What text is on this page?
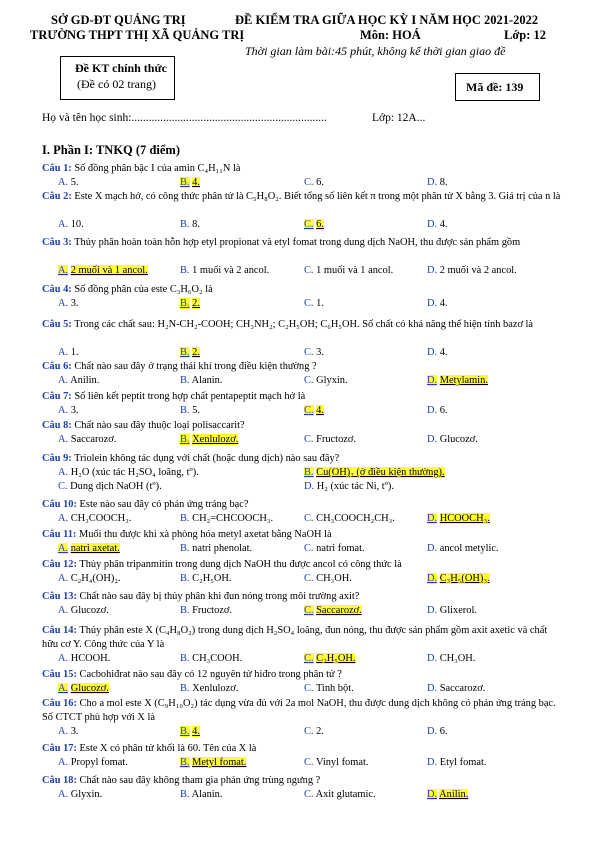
SỞ GD-ĐT QUẢNG TRỊ	ĐỀ KIỂM TRA GIỮA HỌC KỲ I NĂM HỌC 2021-2022
TRƯỜNG THPT THỊ XÃ QUẢNG TRỊ	Môn: HOÁ	Lớp: 12
Thời gian làm bài:45 phút, không kể thời gian giao đề
Đề KT chính thức
(Đề có 02 trang)	Mã đề: 139
Họ và tên học sinh:....................................................................	Lớp: 12A...
I. Phần I: TNKQ (7 điểm)
Câu 1: Số đồng phân bậc I của amin C₄H₁₁N là
A. 5.	B. 4.	C. 6.	D. 8.
Câu 2: Este X mạch hở, có công thức phân tử là C₅H₈O₂. Biết tổng số liên kết π trong một phân tử X bằng 3. Giá trị của n là
A. 10.	B. 8.	C. 6.	D. 4.
Câu 3: Thủy phân hoàn toàn hỗn hợp etyl propionat và etyl fomat trong dung dịch NaOH, thu được sản phẩm gồm
A. 2 muối và 1 ancol.	B. 1 muối và 2 ancol.	C. 1 muối và 1 ancol.	D. 2 muối và 2 ancol.
Câu 4: Số đồng phân của este C₃H₆O₂ là
A. 3.	B. 2.	C. 1.	D. 4.
Câu 5: Trong các chất sau: H₂N-CH₂-COOH; CH₃NH₂; C₂H₅OH; C₆H₅OH. Số chất có khả năng thể hiện tính bazơ là
A. 1.	B. 2.	C. 3.	D. 4.
Câu 6: Chất nào sau đây ở trạng thái khí trong điều kiện thường ?
A. Anilin.	B. Alanin.	C. Glyxin.	D. Metylamin.
Câu 7: Số liên kết peptit trong hợp chất pentapeptit mạch hở là
A. 3.	B. 5.	C. 4.	D. 6.
Câu 8: Chất nào sau đây thuộc loại polisaccarit?
A. Saccarozơ.	B. Xenlulozơ.	C. Fructozơ.	D. Glucozơ.
Câu 9: Triolein không tác dụng với chất (hoặc dung dịch) nào sau đây?
A. H₂O (xúc tác H₂SO₄ loãng, tº).	B. Cu(OH)₂ (ở điều kiện thường).
C. Dung dịch NaOH (tº).	D. H₂ (xúc tác Ni, tº).
Câu 10: Este nào sau đây có phản ứng tráng bạc?
A. CH₃COOCH₃.	B. CH₂=CHCOOCH₃.	C. CH₃COOCH₂CH₃.	D. HCOOCH₃.
Câu 11: Muối thu được khi xà phòng hóa metyl axetat bằng NaOH là
A. natri axetat.	B. natri phenolat.	C. natri fomat.	D. ancol metylic.
Câu 12: Thủy phân tripanmitin trong dung dịch NaOH thu được ancol có công thức là
A. C₂H₄(OH)₂.	B. C₂H₅OH.	C. CH₃OH.	D. C₃H₅(OH)₃.
Câu 13: Chất nào sau đây bị thủy phân khi đun nóng trong môi trường axit?
A. Glucozơ.	B. Fructozơ.	C. Saccarozơ.	D. Glixerol.
Câu 14: Thủy phân este X (C₄H₈O₂) trong dung dịch H₂SO₄ loãng, đun nóng, thu được sản phẩm gồm axit axetic và chất hữu cơ Y. Công thức của Y là
A. HCOOH.	B. CH₃COOH.	C. C₂H₅OH.	D. CH₃OH.
Câu 15: Cacbohiđrat nào sau đây có 12 nguyên tử hiđro trong phân tử ?
A. Glucozơ.	B. Xenlulozơ.	C. Tinh bột.	D. Saccarozơ.
Câu 16: Cho a mol este X (C₉H₁₀O₂) tác dụng vừa đủ với 2a mol NaOH, thu được dung dịch không có phản ứng tráng bạc. Số CTCT phù hợp với X là
A. 3.	B. 4.	C. 2.	D. 6.
Câu 17: Este X có phân tử khối là 60. Tên của X là
A. Propyl fomat.	B. Metyl fomat.	C. Vinyl fomat.	D. Etyl fomat.
Câu 18: Chất nào sau đây không tham gia phản ứng trùng ngưng ?
A. Glyxin.	B. Alanin.	C. Axit glutamic.	D. Anilin.
